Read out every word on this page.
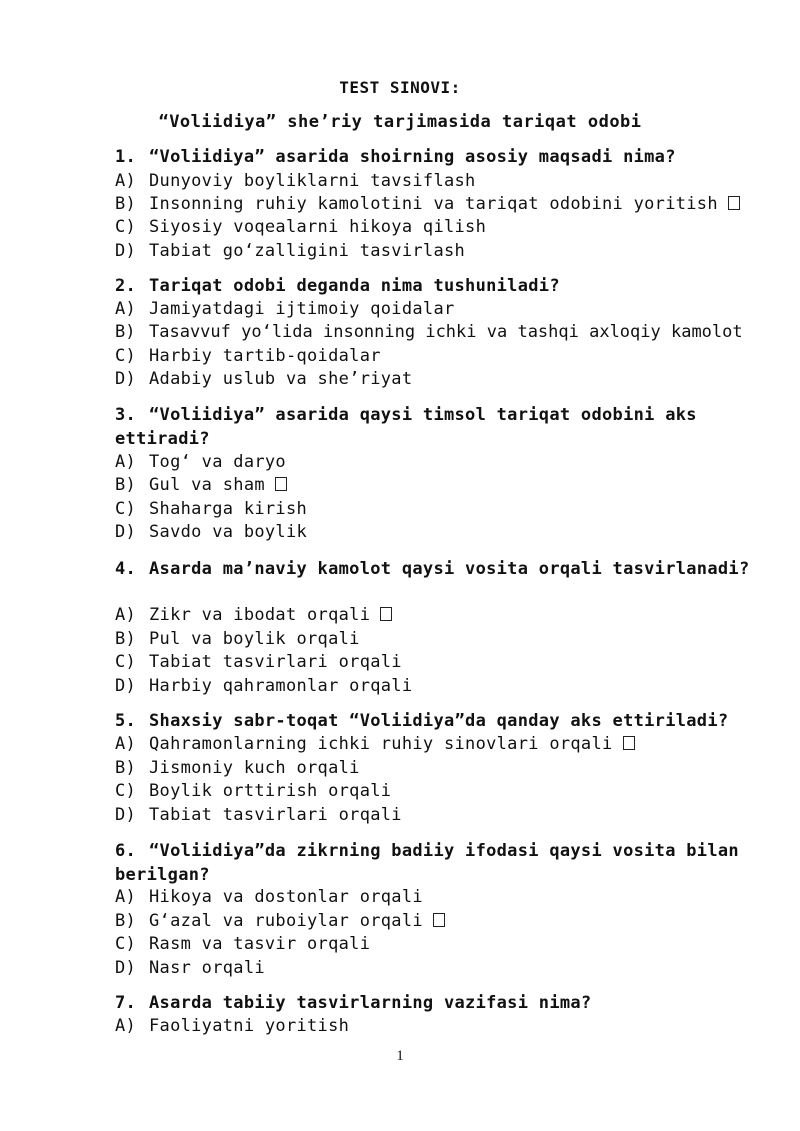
TEST SINOVI:
“Voliidiya” she’riy tarjimasida tariqat odobi
1. “Voliidiya” asarida shoirning asosiy maqsadi nima?
A) Dunyoviy boyliklarni tavsiflash
B) Insonning ruhiy kamolotini va tariqat odobini yoritish
C) Siyosiy voqealarni hikoya qilish
D) Tabiat go‘zalligini tasvirlash
2. Tariqat odobi deganda nima tushuniladi?
A) Jamiyatdagi ijtimoiy qoidalar
B) Tasavvuf yo‘lida insonning ichki va tashqi axloqiy kamolot
C) Harbiy tartib-qoidalar
D) Adabiy uslub va she’riyat
3. “Voliidiya” asarida qaysi timsol tariqat odobini aks ettiradi?
A) Tog‘ va daryo
B) Gul va sham
C) Shaharga kirish
D) Savdo va boylik
4. Asarda ma’naviy kamolot qaysi vosita orqali tasvirlanadi?
A) Zikr va ibodat orqali
B) Pul va boylik orqali
C) Tabiat tasvirlari orqali
D) Harbiy qahramonlar orqali
5. Shaxsiy sabr-toqat “Voliidiya”da qanday aks ettiriladi?
A) Qahramonlarning ichki ruhiy sinovlari orqali
B) Jismoniy kuch orqali
C) Boylik orttirish orqali
D) Tabiat tasvirlari orqali
6. “Voliidiya”da zikrning badiiy ifodasi qaysi vosita bilan berilgan?
A) Hikoya va dostonlar orqali
B) G‘azal va ruboiylar orqali
C) Rasm va tasvir orqali
D) Nasr orqali
7. Asarda tabiiy tasvirlarning vazifasi nima?
A) Faoliyatni yoritish
1
